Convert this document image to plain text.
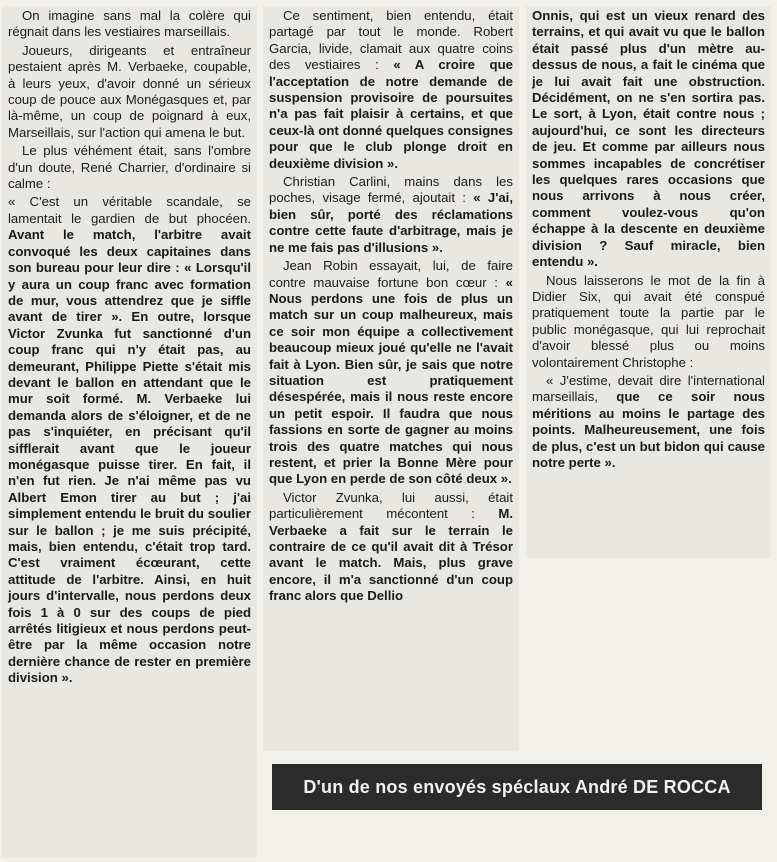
On imagine sans mal la colère qui régnait dans les vestiaires marseillais.

Joueurs, dirigeants et entraîneur pestaient après M. Verbaeke, coupable, à leurs yeux, d'avoir donné un sérieux coup de pouce aux Monégasques et, par là-même, un coup de poignard à eux, Marseillais, sur l'action qui amena le but.

Le plus véhément était, sans l'ombre d'un doute, René Charrier, d'ordinaire si calme :

« C'est un véritable scandale, se lamentait le gardien de but phocéen. Avant le match, l'arbitre avait convoqué les deux capitaines dans son bureau pour leur dire : « Lorsqu'il y aura un coup franc avec formation de mur, vous attendrez que je siffle avant de tirer ». En outre, lorsque Victor Zvunka fut sanctionné d'un coup franc qui n'y était pas, au demeurant, Philippe Piette s'était mis devant le ballon en attendant que le mur soit formé. M. Verbaeke lui demanda alors de s'éloigner, et de ne pas s'inquiéter, en précisant qu'il sifflerait avant que le joueur monégasque puisse tirer. En fait, il n'en fut rien. Je n'ai même pas vu Albert Emon tirer au but ; j'ai simplement entendu le bruit du soulier sur le ballon ; je me suis précipité, mais, bien entendu, c'était trop tard. C'est vraiment écœurant, cette attitude de l'arbitre. Ainsi, en huit jours d'intervalle, nous perdons deux fois 1 à 0 sur des coups de pied arrêtés litigieux et nous perdons peut-être par la même occasion notre dernière chance de rester en première division ».

Ce sentiment, bien entendu, était partagé par tout le monde. Robert Garcia, livide, clamait aux quatre coins des vestiaires : « A croire que l'acceptation de notre demande de suspension provisoire de poursuites n'a pas fait plaisir à certains, et que ceux-là ont donné quelques consignes pour que le club plonge droit en deuxième division ».

Christian Carlini, mains dans les poches, visage fermé, ajoutait : « J'ai, bien sûr, porté des réclamations contre cette faute d'arbitrage, mais je ne me fais pas d'illusions ».

Jean Robin essayait, lui, de faire contre mauvaise fortune bon cœur : « Nous perdons une fois de plus un match sur un coup malheureux, mais ce soir mon équipe a collectivement beaucoup mieux joué qu'elle ne l'avait fait à Lyon. Bien sûr, je sais que notre situation est pratiquement désespérée, mais il nous reste encore un petit espoir. Il faudra que nous fassions en sorte de gagner au moins trois des quatre matches qui nous restent, et prier la Bonne Mère pour que Lyon en perde de son côté deux ».

Victor Zvunka, lui aussi, était particulièrement mécontent : M. Verbaeke a fait sur le terrain le contraire de ce qu'il avait dit à Trésor avant le match. Mais, plus grave encore, il m'a sanctionné d'un coup franc alors que Dellio

Onnis, qui est un vieux renard des terrains, et qui avait vu que le ballon était passé plus d'un mètre au-dessus de nous, a fait le cinéma que je lui avait fait une obstruction. Décidément, on ne s'en sortira pas. Le sort, à Lyon, était contre nous ; aujourd'hui, ce sont les directeurs de jeu. Et comme par ailleurs nous sommes incapables de concrétiser les quelques rares occasions que nous arrivons à nous créer, comment voulez-vous qu'on échappe à la descente en deuxième division ? Sauf miracle, bien entendu ».

Nous laisserons le mot de la fin à Didier Six, qui avait été conspué pratiquement toute la partie par le public monégasque, qui lui reprochait d'avoir blessé plus ou moins volontairement Christophe :

« J'estime, devait dire l'international marseillais, que ce soir nous méritions au moins le partage des points. Malheureusement, une fois de plus, c'est un but bidon qui cause notre perte ».

D'un de nos envoyés spéclaux André DE ROCCA
